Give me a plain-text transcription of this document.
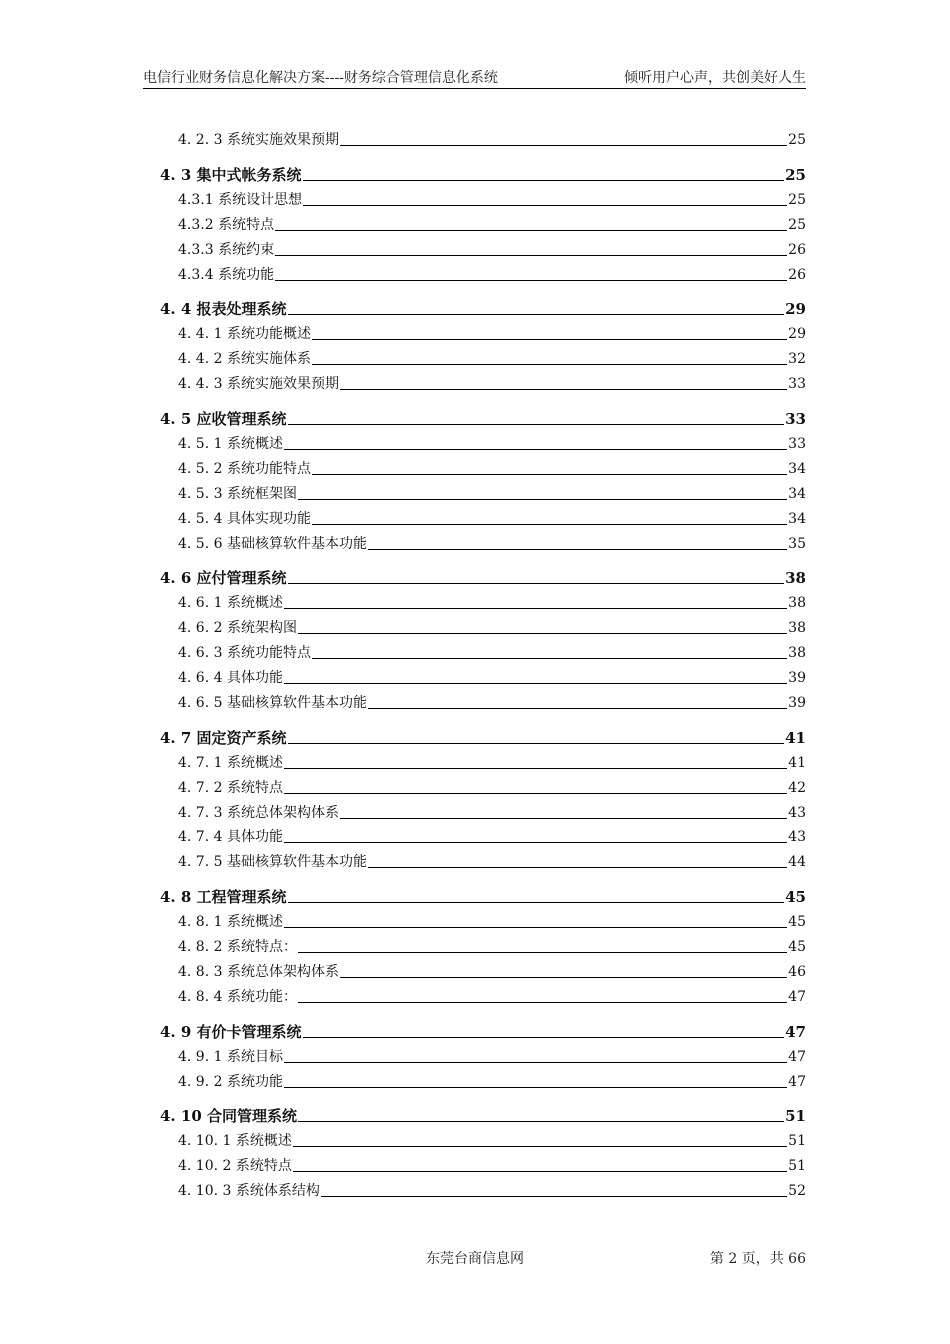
电信行业财务信息化解决方案----财务综合管理信息化系统	倾听用户心声，共创美好人生
4. 2. 3 系统实施效果预期	25
4. 3 集中式帐务系统	25
4.3.1 系统设计思想	25
4.3.2 系统特点	25
4.3.3 系统约束	26
4.3.4 系统功能	26
4. 4 报表处理系统	29
4. 4. 1 系统功能概述	29
4. 4. 2 系统实施体系	32
4. 4. 3 系统实施效果预期	33
4. 5 应收管理系统	33
4. 5. 1 系统概述	33
4. 5. 2 系统功能特点	34
4. 5. 3 系统框架图	34
4. 5. 4 具体实现功能	34
4. 5. 6 基础核算软件基本功能	35
4. 6 应付管理系统	38
4. 6. 1 系统概述	38
4. 6. 2 系统架构图	38
4. 6. 3 系统功能特点	38
4. 6. 4 具体功能	39
4. 6. 5 基础核算软件基本功能	39
4. 7 固定资产系统	41
4. 7. 1 系统概述	41
4. 7. 2 系统特点	42
4. 7. 3 系统总体架构体系	43
4. 7. 4 具体功能	43
4. 7. 5 基础核算软件基本功能	44
4. 8 工程管理系统	45
4. 8. 1 系统概述	45
4. 8. 2 系统特点：	45
4. 8. 3 系统总体架构体系	46
4. 8. 4 系统功能：	47
4. 9 有价卡管理系统	47
4. 9. 1 系统目标	47
4. 9. 2 系统功能	47
4. 10 合同管理系统	51
4. 10. 1 系统概述	51
4. 10. 2 系统特点	51
4. 10. 3 系统体系结构	52
东莞台商信息网	第 2 页，共 66
